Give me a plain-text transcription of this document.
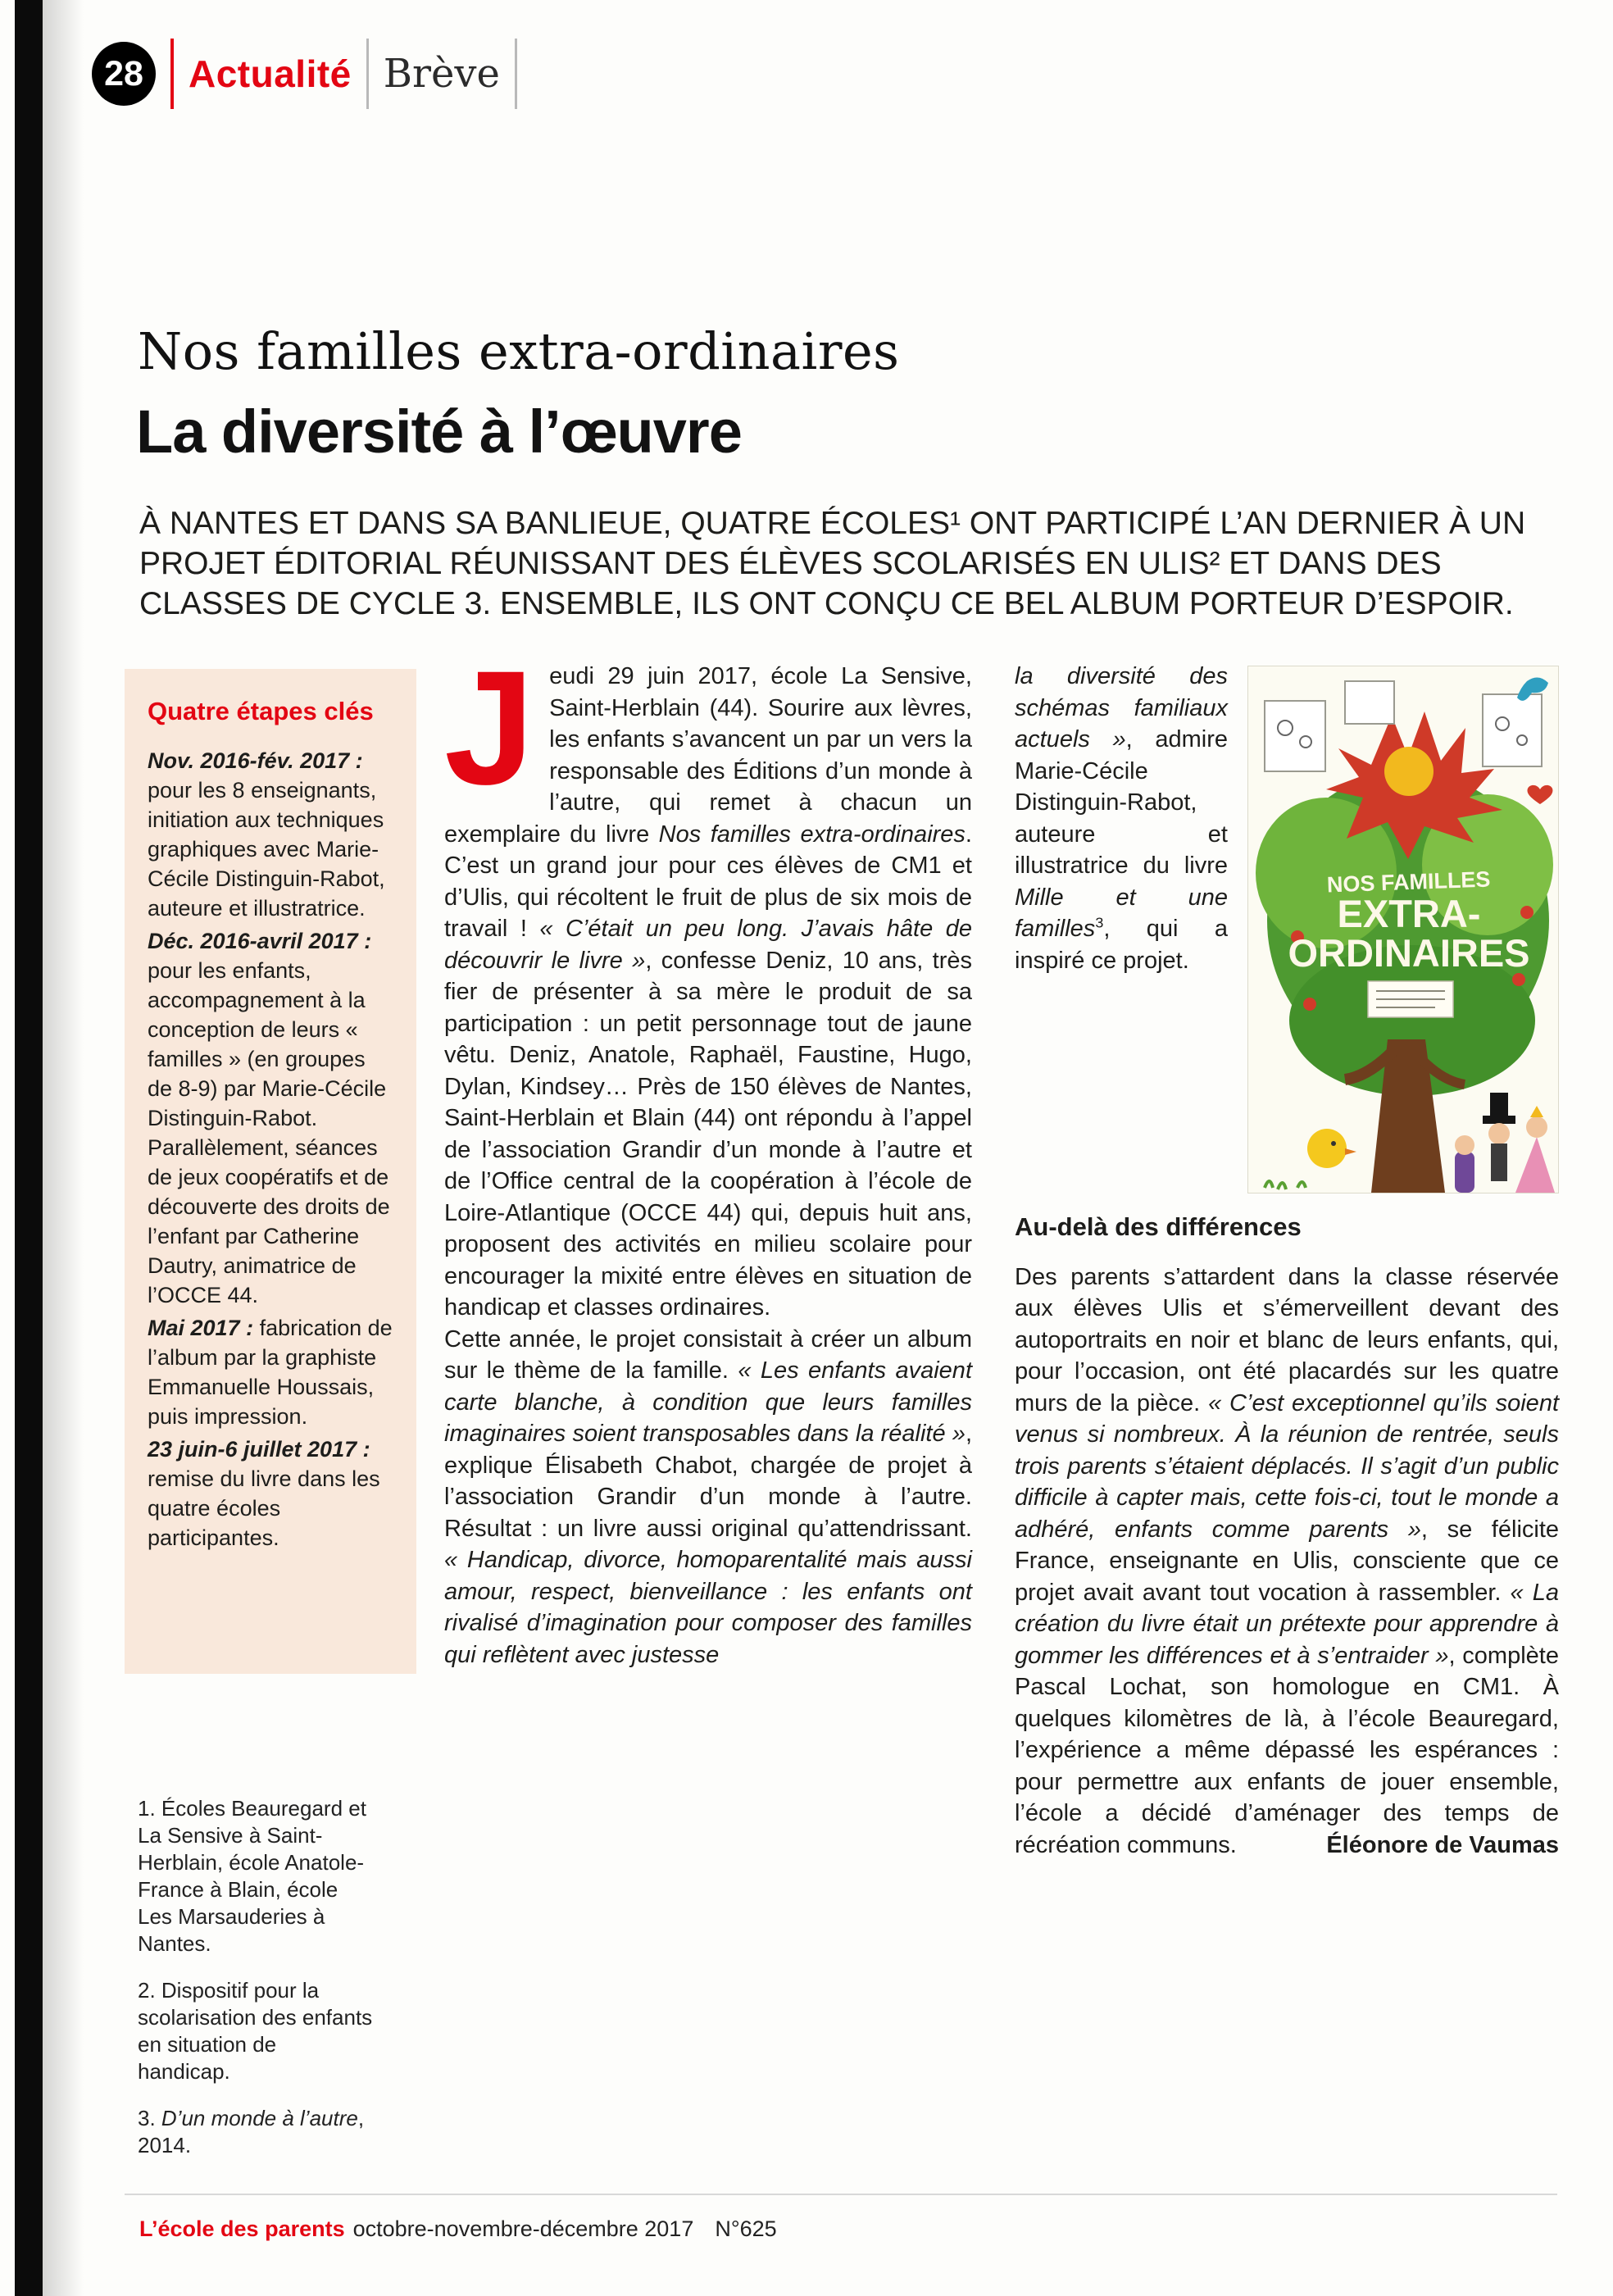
28	Actualité Brève
Nos familles extra-ordinaires
La diversité à l’œuvre
À NANTES ET DANS SA BANLIEUE, QUATRE ÉCOLES¹ ONT PARTICIPÉ L’AN DERNIER À UN PROJET ÉDITORIAL RÉUNISSANT DES ÉLÈVES SCOLARISÉS EN ULIS² ET DANS DES CLASSES DE CYCLE 3. ENSEMBLE, ILS ONT CONÇU CE BEL ALBUM PORTEUR D’ESPOIR.
Quatre étapes clés

Nov. 2016-fév. 2017 : pour les 8 enseignants, initiation aux techniques graphiques avec Marie-Cécile Distinguin-Rabot, auteure et illustratrice.

Déc. 2016-avril 2017 : pour les enfants, accompagnement à la conception de leurs « familles » (en groupes de 8-9) par Marie-Cécile Distinguin-Rabot. Parallèlement, séances de jeux coopératifs et de découverte des droits de l’enfant par Catherine Dautry, animatrice de l’OCCE 44.

Mai 2017 : fabrication de l’album par la graphiste Emmanuelle Houssais, puis impression.

23 juin-6 juillet 2017 : remise du livre dans les quatre écoles participantes.

1. Écoles Beauregard et La Sensive à Saint-Herblain, école Anatole-France à Blain, école Les Marsauderies à Nantes.

2. Dispositif pour la scolarisation des enfants en situation de handicap.

3. D’un monde à l’autre, 2014.

Jeudi 29 juin 2017, école La Sensive, Saint-Herblain (44). Sourire aux lèvres, les enfants s’avancent un par un vers la responsable des Éditions d’un monde à l’autre, qui remet à chacun un exemplaire du livre Nos familles extra-ordinaires. C’est un grand jour pour ces élèves de CM1 et d’Ulis, qui récoltent le fruit de plus de six mois de travail ! « C’était un peu long. J’avais hâte de découvrir le livre », confesse Deniz, 10 ans, très fier de présenter à sa mère le produit de sa participation : un petit personnage tout de jaune vêtu. Deniz, Anatole, Raphaël, Faustine, Hugo, Dylan, Kindsey… Près de 150 élèves de Nantes, Saint-Herblain et Blain (44) ont répondu à l’appel de l’association Grandir d’un monde à l’autre et de l’Office central de la coopération à l’école de Loire-Atlantique (OCCE 44) qui, depuis huit ans, proposent des activités en milieu scolaire pour encourager la mixité entre élèves en situation de handicap et classes ordinaires.

Cette année, le projet consistait à créer un album sur le thème de la famille. « Les enfants avaient carte blanche, à condition que leurs familles imaginaires soient transposables dans la réalité », explique Élisabeth Chabot, chargée de projet à l’association Grandir d’un monde à l’autre. Résultat : un livre aussi original qu’attendrissant. « Handicap, divorce, homoparentalité mais aussi amour, respect, bienveillance : les enfants ont rivalisé d’imagination pour composer des familles qui reflètent avec justesse

NOS FAMILLES
EXTRA-
ORDINAIRES

la diversité des schémas familiaux actuels », admire Marie-Cécile Distinguin-Rabot, auteure et illustratrice du livre Mille et une familles$^3$, qui a inspiré ce projet.

Au-delà des différences

Des parents s’attardent dans la classe réservée aux élèves Ulis et s’émerveillent devant des autoportraits en noir et blanc de leurs enfants, qui, pour l’occasion, ont été placardés sur les quatre murs de la pièce. « C’est exceptionnel qu’ils soient venus si nombreux. À la réunion de rentrée, seuls trois parents s’étaient déplacés. Il s’agit d’un public difficile à capter mais, cette fois-ci, tout le monde a adhéré, enfants comme parents », se félicite France, enseignante en Ulis, consciente que ce projet avait avant tout vocation à rassembler. « La création du livre était un prétexte pour apprendre à gommer les différences et à s’entraider », complète Pascal Lochat, son homologue en CM1. À quelques kilomètres de là, à l’école Beauregard, l’expérience a même dépassé les espérances : pour permettre aux enfants de jouer ensemble, l’école a décidé d’aménager des temps de récréation communs.	Éléonore de Vaumas
L’école des parents octobre-novembre-décembre 2017 N°625
